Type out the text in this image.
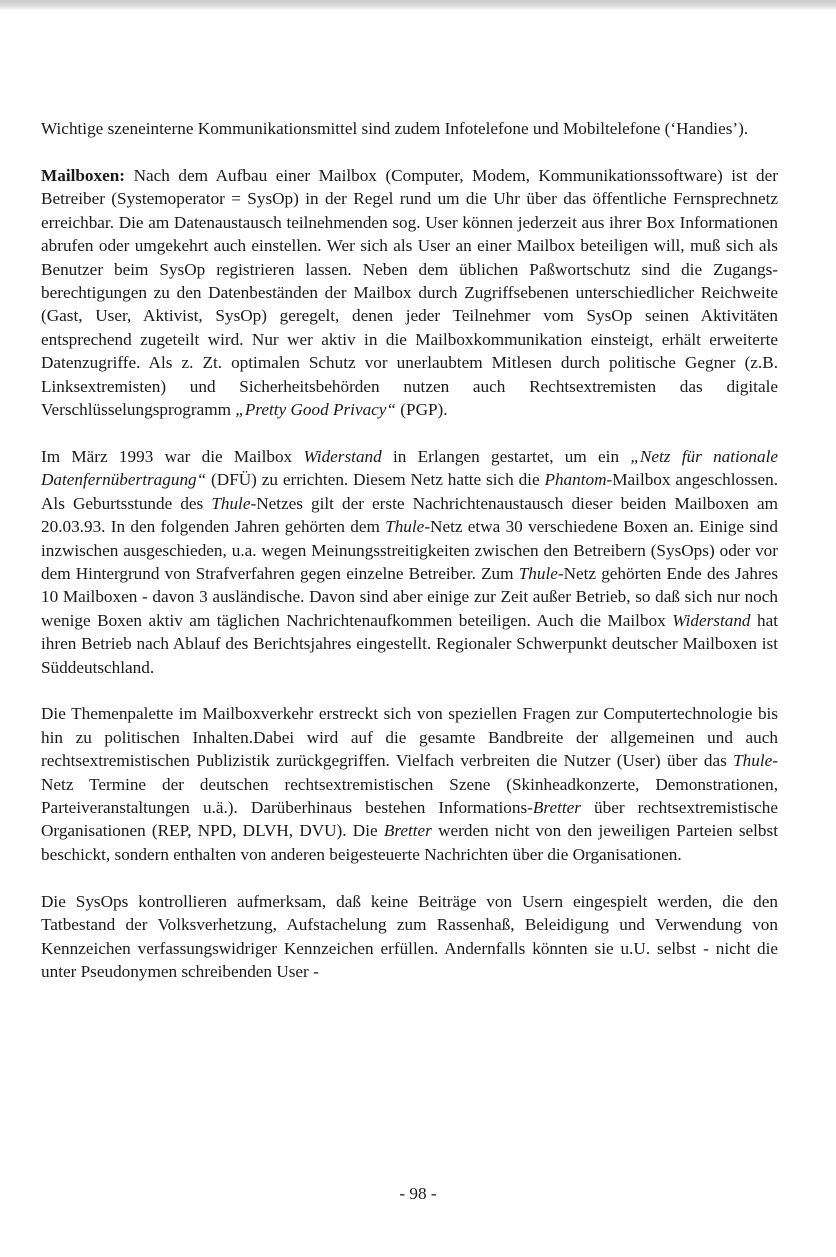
Wichtige szeneinterne Kommunikationsmittel sind zudem Infotelefone und Mobiltelefone (‘Handies’).

Mailboxen: Nach dem Aufbau einer Mailbox (Computer, Modem, Kommunikationssoftware) ist der Betreiber (Systemoperator = SysOp) in der Regel rund um die Uhr über das öffentliche Fernsprechnetz erreichbar. Die am Datenaustausch teilnehmenden sog. User können jederzeit aus ihrer Box Informationen abrufen oder umgekehrt auch einstellen. Wer sich als User an einer Mailbox beteiligen will, muß sich als Benutzer beim SysOp registrieren lassen. Neben dem üblichen Paßwortschutz sind die Zugangsberechtigungen zu den Datenbeständen der Mailbox durch Zugriffsebenen unterschiedlicher Reichweite (Gast, User, Aktivist, SysOp) geregelt, denen jeder Teilnehmer vom SysOp seinen Aktivitäten entsprechend zugeteilt wird. Nur wer aktiv in die Mailboxkommunikation einsteigt, erhält erweiterte Datenzugriffe. Als z. Zt. optimalen Schutz vor unerlaubtem Mitlesen durch politische Gegner (z.B. Linksextremisten) und Sicherheitsbehörden nutzen auch Rechtsextremisten das digitale Verschlüsselungsprogramm „Pretty Good Privacy“ (PGP).

Im März 1993 war die Mailbox Widerstand in Erlangen gestartet, um ein „Netz für nationale Datenfernübertragung“ (DFÜ) zu errichten. Diesem Netz hatte sich die Phantom-Mailbox angeschlossen. Als Geburtsstunde des Thule-Netzes gilt der erste Nachrichtenaustausch dieser beiden Mailboxen am 20.03.93. In den folgenden Jahren gehörten dem Thule-Netz etwa 30 verschiedene Boxen an. Einige sind inzwischen ausgeschieden, u.a. wegen Meinungsstreitigkeiten zwischen den Betreibern (SysOps) oder vor dem Hintergrund von Strafverfahren gegen einzelne Betreiber. Zum Thule-Netz gehörten Ende des Jahres 10 Mailboxen - davon 3 ausländische. Davon sind aber einige zur Zeit außer Betrieb, so daß sich nur noch wenige Boxen aktiv am täglichen Nachrichtenaufkommen beteiligen. Auch die Mailbox Widerstand hat ihren Betrieb nach Ablauf des Berichtsjahres eingestellt. Regionaler Schwerpunkt deutscher Mailboxen ist Süddeutschland.

Die Themenpalette im Mailboxverkehr erstreckt sich von speziellen Fragen zur Computertechnologie bis hin zu politischen Inhalten.Dabei wird auf die gesamte Bandbreite der allgemeinen und auch rechtsextremistischen Publizistik zurückgegriffen. Vielfach verbreiten die Nutzer (User) über das Thule-Netz Termine der deutschen rechtsextremistischen Szene (Skinheadkonzerte, Demonstrationen, Parteiveranstaltungen u.ä.). Darüberhinaus bestehen Informations-Bretter über rechtsextremistische Organisationen (REP, NPD, DLVH, DVU). Die Bretter werden nicht von den jeweiligen Parteien selbst beschickt, sondern enthalten von anderen beigesteuerte Nachrichten über die Organisationen.

Die SysOps kontrollieren aufmerksam, daß keine Beiträge von Usern eingespielt werden, die den Tatbestand der Volksverhetzung, Aufstachelung zum Rassenhaß, Beleidigung und Verwendung von Kennzeichen verfassungswidriger Kennzeichen erfüllen. Andernfalls könnten sie u.U. selbst - nicht die unter Pseudonymen schreibenden User -

- 98 -
